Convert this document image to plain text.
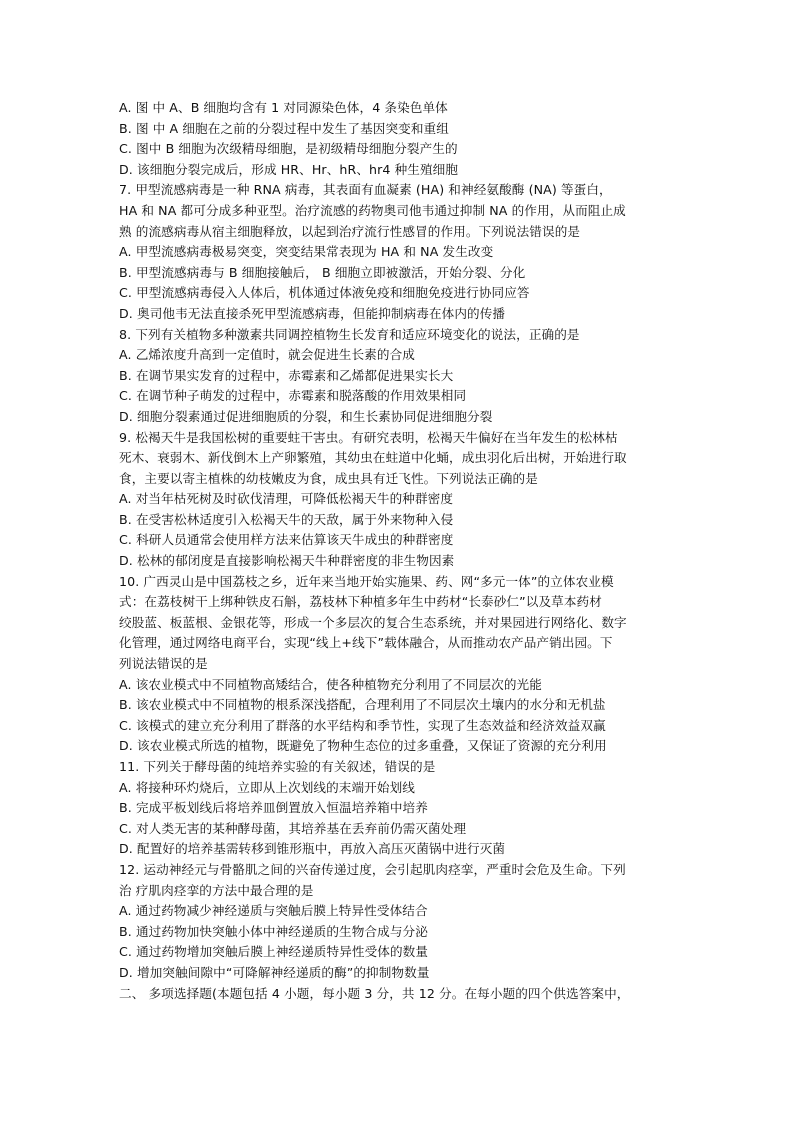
A. 图 中 A、B 细胞均含有 1 对同源染色体，4 条染色单体
B. 图 中 A 细胞在之前的分裂过程中发生了基因突变和重组
C. 图中 B 细胞为次级精母细胞，是初级精母细胞分裂产生的
D. 该细胞分裂完成后，形成 HR、Hr、hR、hr4 种生殖细胞
7. 甲型流感病毒是一种 RNA 病毒，其表面有血凝素 (HA) 和神经氨酸酶 (NA) 等蛋白，
HA 和 NA 都可分成多种亚型。治疗流感的药物奥司他韦通过抑制 NA 的作用，从而阻止成
熟 的流感病毒从宿主细胞释放，以起到治疗流行性感冒的作用。下列说法错误的是
A. 甲型流感病毒极易突变，突变结果常表现为 HA 和 NA 发生改变
B. 甲型流感病毒与 B 细胞接触后， B 细胞立即被激活，开始分裂、分化
C. 甲型流感病毒侵入人体后，机体通过体液免疫和细胞免疫进行协同应答
D. 奥司他韦无法直接杀死甲型流感病毒，但能抑制病毒在体内的传播
8. 下列有关植物多种激素共同调控植物生长发育和适应环境变化的说法，正确的是
A. 乙烯浓度升高到一定值时，就会促进生长素的合成
B. 在调节果实发育的过程中，赤霉素和乙烯都促进果实长大
C. 在调节种子萌发的过程中，赤霉素和脱落酸的作用效果相同
D. 细胞分裂素通过促进细胞质的分裂，和生长素协同促进细胞分裂
9. 松褐天牛是我国松树的重要蛀干害虫。有研究表明，松褐天牛偏好在当年发生的松林枯
死木、衰弱木、新伐倒木上产卵繁殖，其幼虫在蛀道中化蛹，成虫羽化后出树，开始进行取
食，主要以寄主植株的幼枝嫩皮为食，成虫具有迁飞性。下列说法正确的是
A. 对当年枯死树及时砍伐清理，可降低松褐天牛的种群密度
B. 在受害松林适度引入松褐天牛的天敌，属于外来物种入侵
C. 科研人员通常会使用样方法来估算该天牛成虫的种群密度
D. 松林的郁闭度是直接影响松褐天牛种群密度的非生物因素
10. 广西灵山是中国荔枝之乡，近年来当地开始实施果、药、网“多元一体”的立体农业模
式：在荔枝树干上绑种铁皮石斛，荔枝林下种植多年生中药材“长泰砂仁”以及草本药材
绞股蓝、板蓝根、金银花等，形成一个多层次的复合生态系统，并对果园进行网络化、数字
化管理，通过网络电商平台，实现“线上+线下”载体融合，从而推动农产品产销出园。下
列说法错误的是
A. 该农业模式中不同植物高矮结合，使各种植物充分利用了不同层次的光能
B. 该农业模式中不同植物的根系深浅搭配，合理利用了不同层次土壤内的水分和无机盐
C. 该模式的建立充分利用了群落的水平结构和季节性，实现了生态效益和经济效益双赢
D. 该农业模式所选的植物，既避免了物种生态位的过多重叠，又保证了资源的充分利用
11. 下列关于酵母菌的纯培养实验的有关叙述，错误的是
A. 将接种环灼烧后，立即从上次划线的末端开始划线
B. 完成平板划线后将培养皿倒置放入恒温培养箱中培养
C. 对人类无害的某种酵母菌，其培养基在丢弃前仍需灭菌处理
D. 配置好的培养基需转移到锥形瓶中，再放入高压灭菌锅中进行灭菌
12. 运动神经元与骨骼肌之间的兴奋传递过度，会引起肌肉痉挛，严重时会危及生命。下列
治 疗肌肉痉挛的方法中最合理的是
A. 通过药物减少神经递质与突触后膜上特异性受体结合
B. 通过药物加快突触小体中神经递质的生物合成与分泌
C. 通过药物增加突触后膜上神经递质特异性受体的数量
D. 增加突触间隙中“可降解神经递质的酶”的抑制物数量
二、 多项选择题(本题包括 4 小题，每小题 3 分，共 12 分。在每小题的四个供选答案中，
